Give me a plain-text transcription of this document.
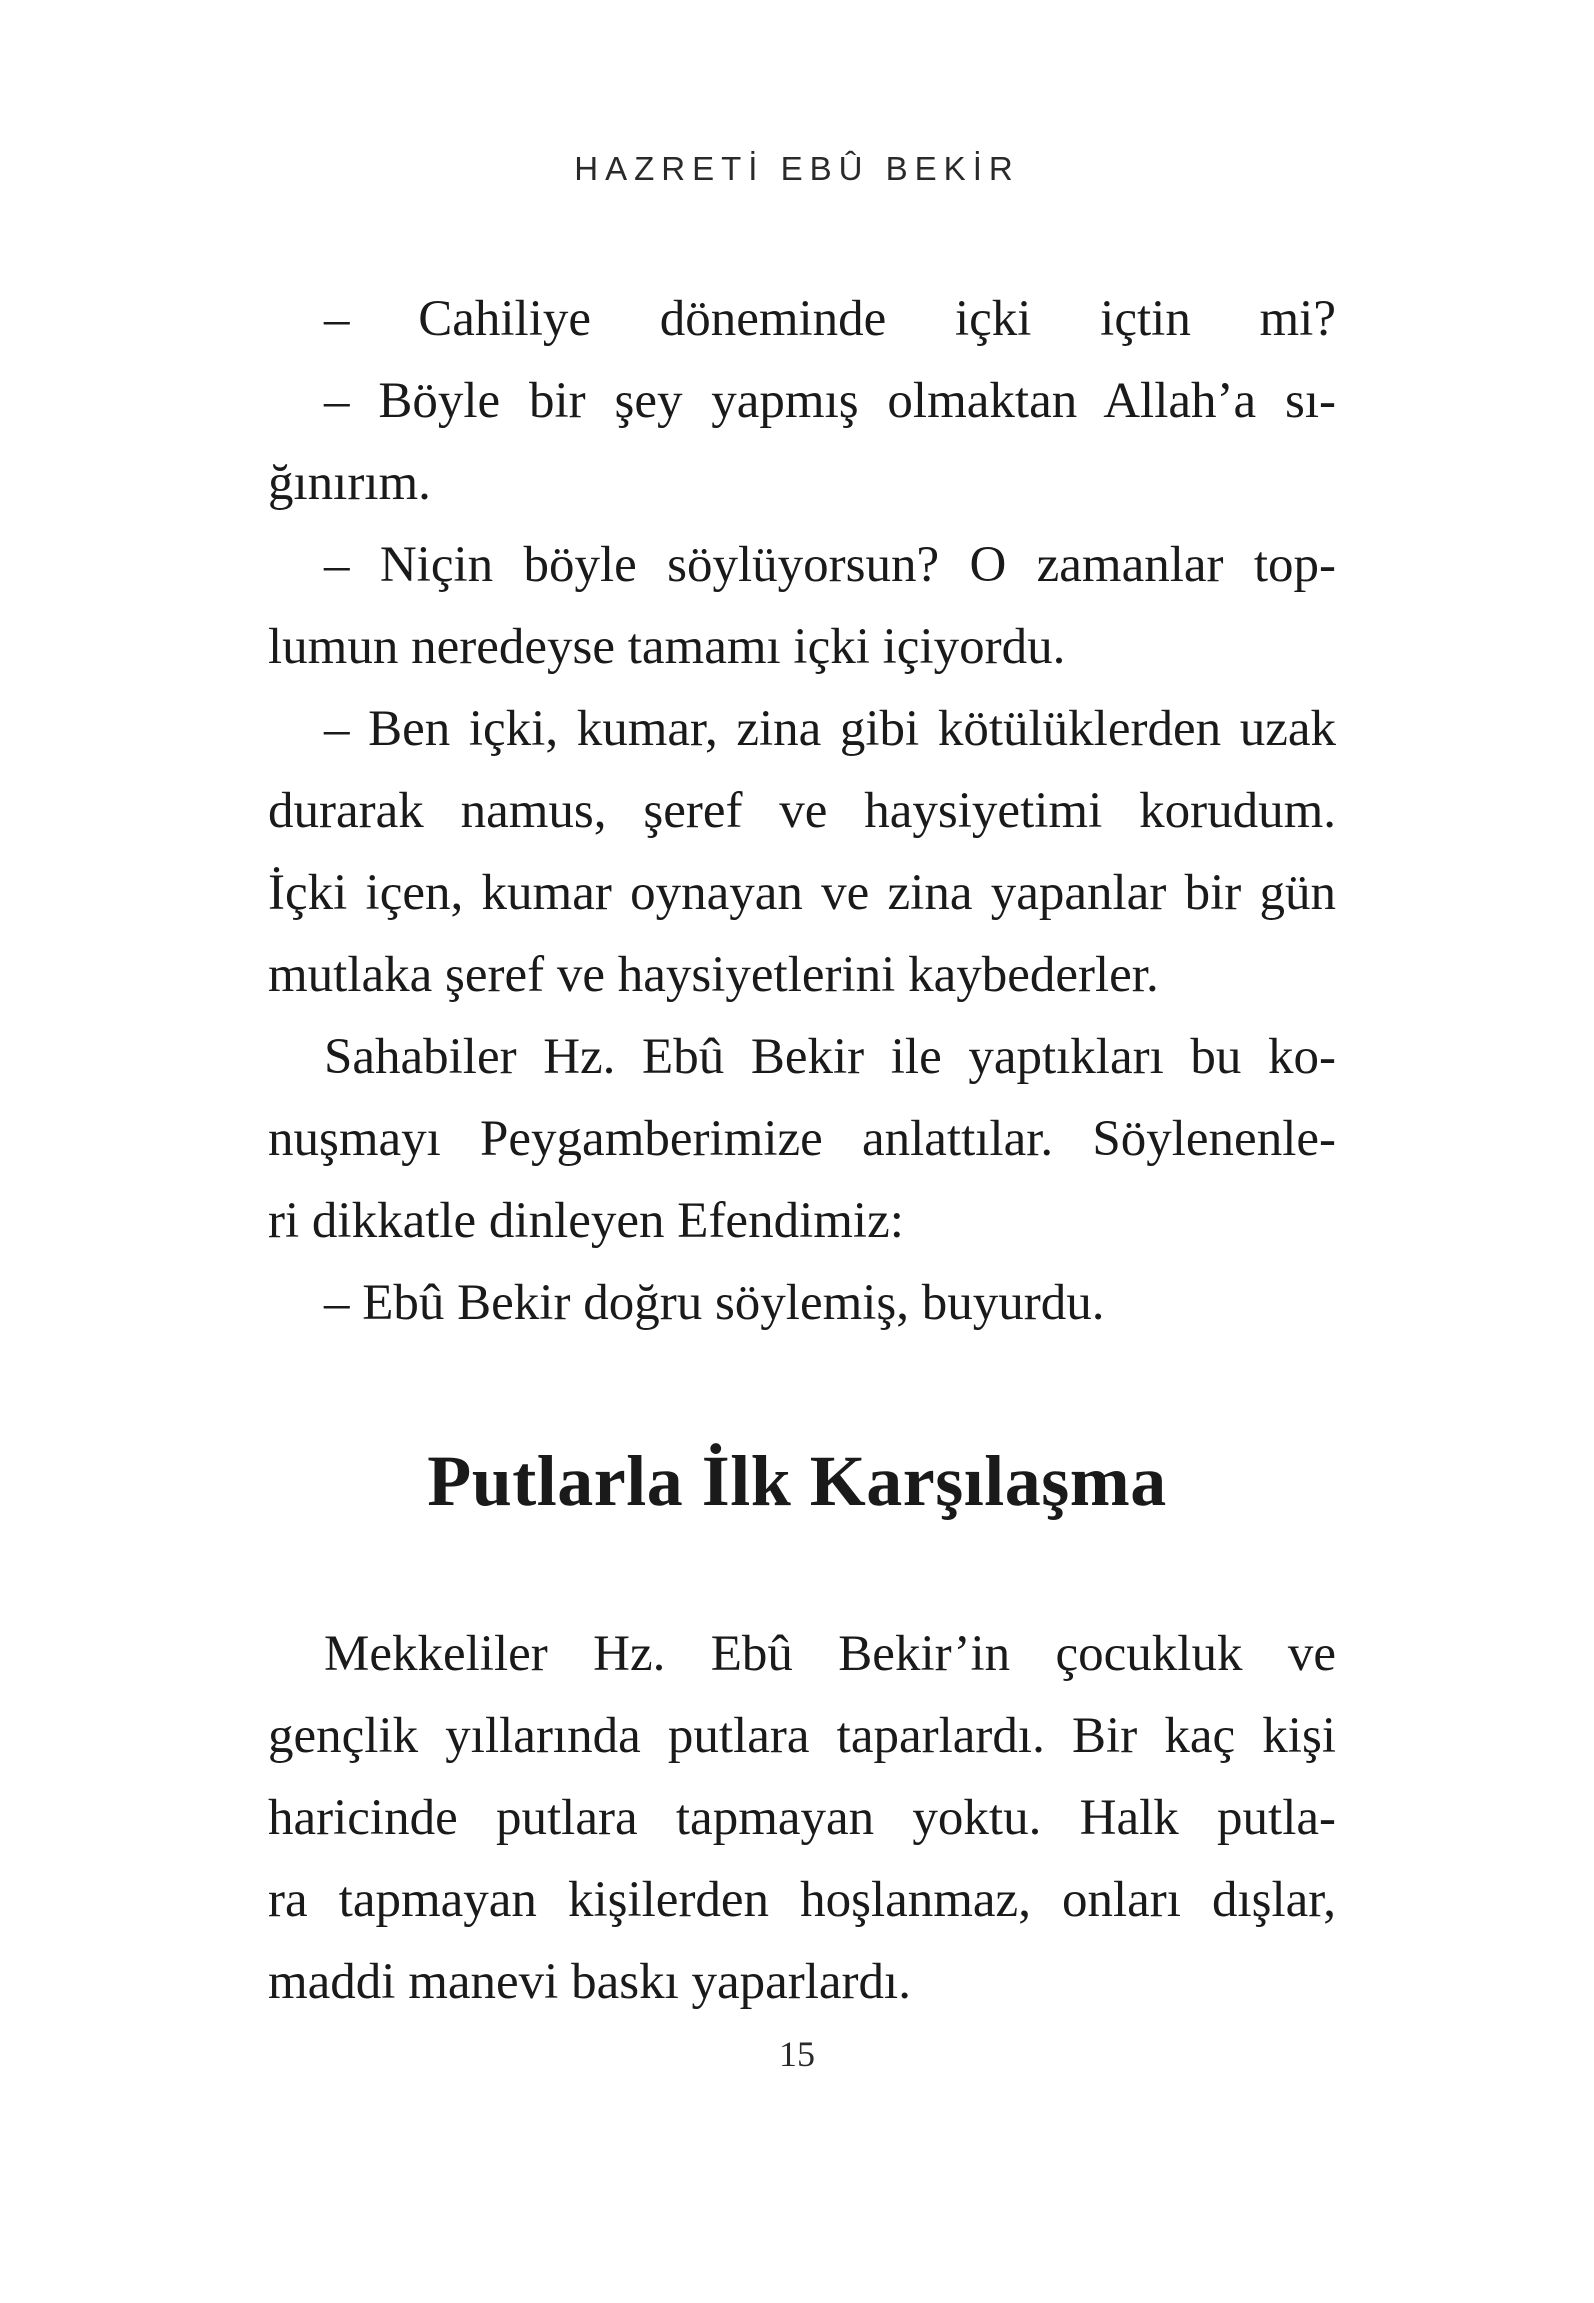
HAZRETİ EBÛ BEKİR
– Cahiliye döneminde içki içtin mi?
– Böyle bir şey yapmış olmaktan Allah’a sı-
ğınırım.
– Niçin böyle söylüyorsun? O zamanlar top-
lumun neredeyse tamamı içki içiyordu.
– Ben içki, kumar, zina gibi kötülüklerden uzak
durarak namus, şeref ve haysiyetimi korudum.
İçki içen, kumar oynayan ve zina yapanlar bir gün
mutlaka şeref ve haysiyetlerini kaybederler.
Sahabiler Hz. Ebû Bekir ile yaptıkları bu ko-
nuşmayı Peygamberimize anlattılar. Söylenenle-
ri dikkatle dinleyen Efendimiz:
– Ebû Bekir doğru söylemiş, buyurdu.
Putlarla İlk Karşılaşma
Mekkeliler Hz. Ebû Bekir’in çocukluk ve
gençlik yıllarında putlara taparlardı. Bir kaç kişi
haricinde putlara tapmayan yoktu. Halk putla-
ra tapmayan kişilerden hoşlanmaz, onları dışlar,
maddi manevi baskı yaparlardı.
15
